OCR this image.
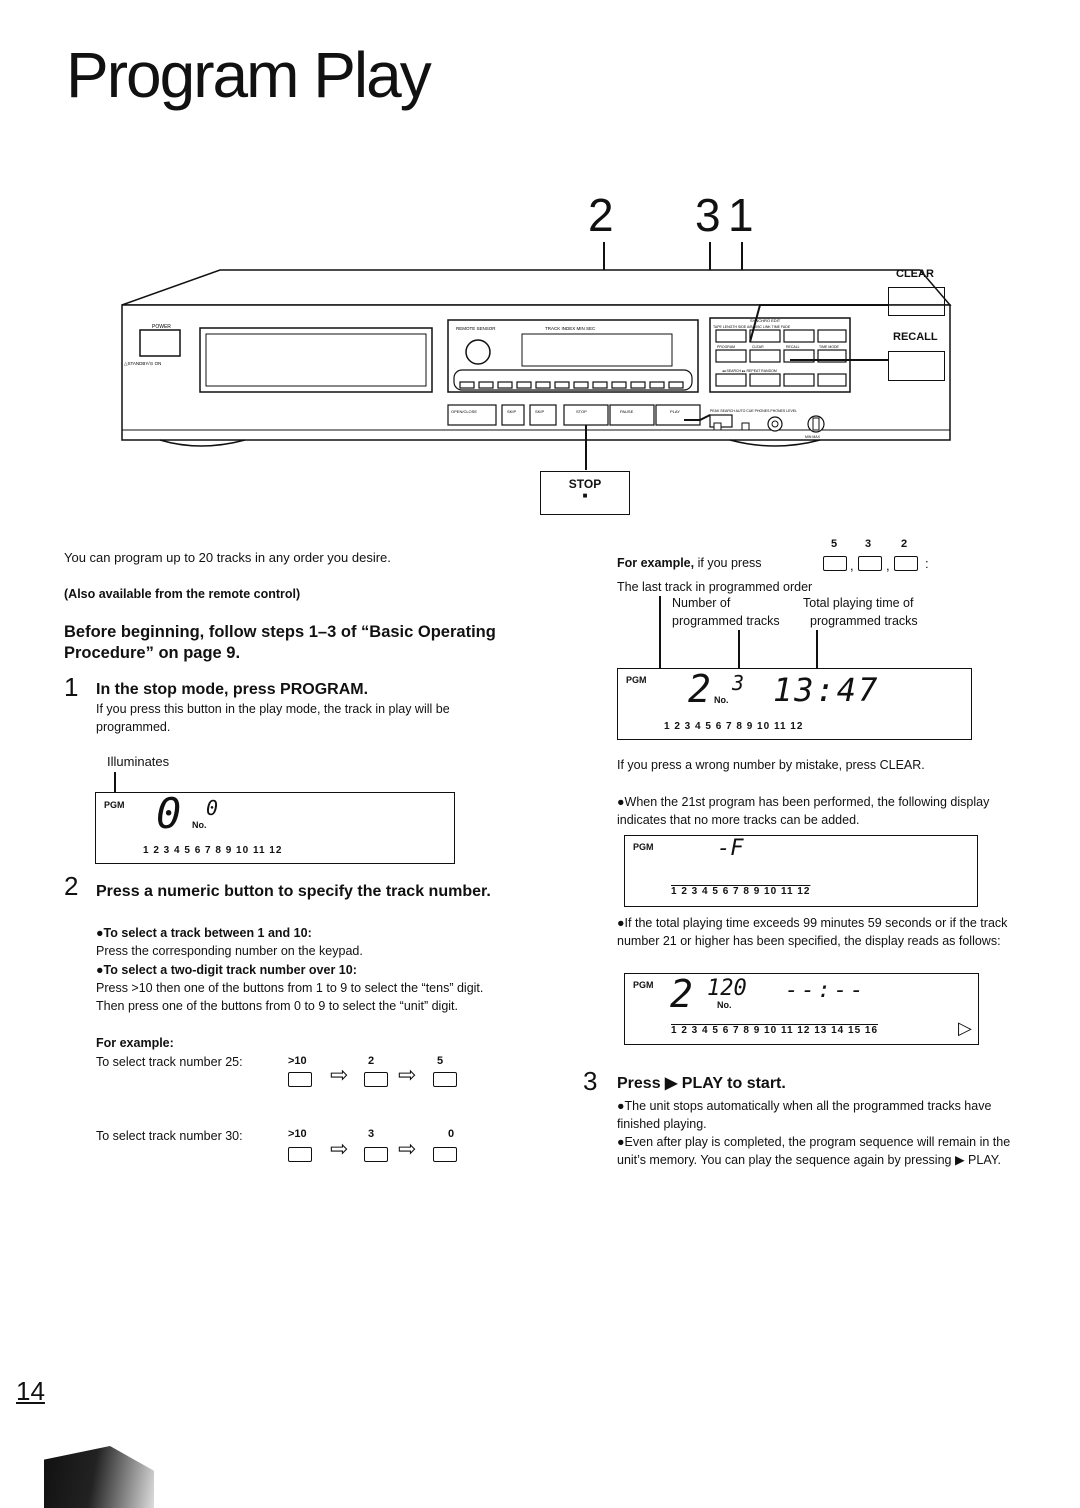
Program Play
2 3 1
POWER
△STANDBY/⊙ ON
REMOTE SENSOR	TRACK INDEX MIN SEC
OPEN/CLOSE	SKIP	SKIP	STOP	PAUSE	PLAY
SYNCHRO EDIT
TAPE LENGTH SIDE A/B DISC LINK TIME FADE
PROGRAM	CLEAR	RECALL	TIME MODE
◂◂ SEARCH ▸▸ REPEAT RANDOM
PEAK SEARCH AUTO CUE PHONES PHONES LEVEL
MIN MAX
CLEAR
RECALL
STOP
■
You can program up to 20 tracks in any order you desire.
(Also available from the remote control)
Before beginning, follow steps 1–3 of “Basic Operating Procedure” on page 9.
1 In the stop mode, press PROGRAM.
If you press this button in the play mode, the track in play will be programmed.
Illuminates
PGM 0 0
No.
1 2 3 4 5 6 7 8 9 10 11 12
2 Press a numeric button to specify the track number.
●To select a track between 1 and 10:
Press the corresponding number on the keypad.
●To select a two-digit track number over 10:
Press >10 then one of the buttons from 1 to 9 to select the “tens” digit. Then press one of the buttons from 0 to 9 to select the “unit” digit.
For example:
To select track number 25:	>10
⇨
2
⇨
5
To select track number 30:	>10
⇨
3
⇨
0
5	3	2
For example, if you press	, ,	:
The last track in programmed order
Number of
programmed tracks
Total playing time of
programmed tracks
PGM 2 3
No. 13:47
1 2 3 4 5 6 7 8 9 10 11 12
If you press a wrong number by mistake, press CLEAR.
●When the 21st program has been performed, the following display indicates that no more tracks can be added.
PGM	-F
1 2 3 4 5 6 7 8 9 10 11 12
●If the total playing time exceeds 99 minutes 59 seconds or if the track number 21 or higher has been specified, the display reads as follows:
PGM 2 120
No.
--:--
1 2 3 4 5 6 7 8 9 10 11 12 13 14 15 16	▷
3 Press ▶ PLAY to start.
●The unit stops automatically when all the programmed tracks have finished playing.
●Even after play is completed, the program sequence will remain in the unit’s memory. You can play the sequence again by pressing ▶ PLAY.
14
